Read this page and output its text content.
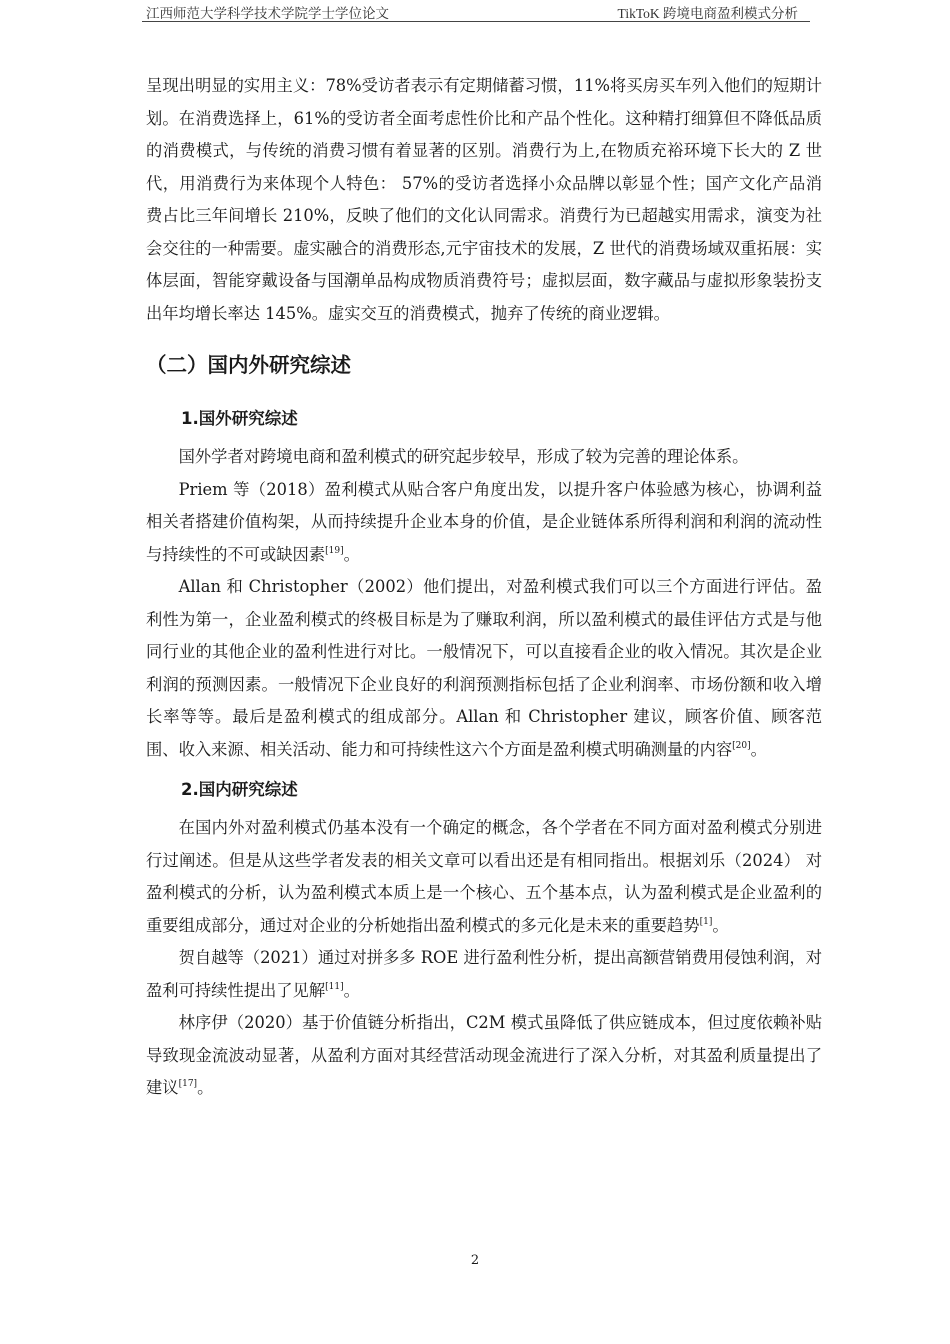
江西师范大学科学技术学院学士学位论文	TikToK 跨境电商盈利模式分析

呈现出明显的实用主义：78%受访者表示有定期储蓄习惯，11%将买房买车列入他们的短期计划。在消费选择上，61%的受访者全面考虑性价比和产品个性化。这种精打细算但不降低品质的消费模式，与传统的消费习惯有着显著的区别。消费行为上,在物质充裕环境下长大的 Z 世代，用消费行为来体现个人特色： 57%的受访者选择小众品牌以彰显个性；国产文化产品消费占比三年间增长 210%，反映了他们的文化认同需求。消费行为已超越实用需求，演变为社会交往的一种需要。虚实融合的消费形态,元宇宙技术的发展，Z 世代的消费场域双重拓展：实体层面，智能穿戴设备与国潮单品构成物质消费符号；虚拟层面，数字藏品与虚拟形象装扮支出年均增长率达 145%。虚实交互的消费模式，抛弃了传统的商业逻辑。

（二）国内外研究综述
1.国外研究综述

国外学者对跨境电商和盈利模式的研究起步较早，形成了较为完善的理论体系。

Priem 等（2018）盈利模式从贴合客户角度出发，以提升客户体验感为核心，协调利益相关者搭建价值构架，从而持续提升企业本身的价值，是企业链体系所得利润和利润的流动性与持续性的不可或缺因素[19]。

Allan 和 Christopher（2002）他们提出，对盈利模式我们可以三个方面进行评估。盈利性为第一，企业盈利模式的终极目标是为了赚取利润，所以盈利模式的最佳评估方式是与他同行业的其他企业的盈利性进行对比。一般情况下，可以直接看企业的收入情况。其次是企业利润的预测因素。一般情况下企业良好的利润预测指标包括了企业利润率、市场份额和收入增长率等等。最后是盈利模式的组成部分。Allan 和 Christopher 建议，顾客价值、顾客范围、收入来源、相关活动、能力和可持续性这六个方面是盈利模式明确测量的内容[20]。

2.国内研究综述

在国内外对盈利模式仍基本没有一个确定的概念，各个学者在不同方面对盈利模式分别进行过阐述。但是从这些学者发表的相关文章可以看出还是有相同指出。根据刘乐（2024） 对盈利模式的分析，认为盈利模式本质上是一个核心、五个基本点，认为盈利模式是企业盈利的重要组成部分，通过对企业的分析她指出盈利模式的多元化是未来的重要趋势[1]。

贺自越等（2021）通过对拼多多 ROE 进行盈利性分析，提出高额营销费用侵蚀利润，对盈利可持续性提出了见解[11]。

林序伊（2020）基于价值链分析指出，C2M 模式虽降低了供应链成本，但过度依赖补贴导致现金流波动显著，从盈利方面对其经营活动现金流进行了深入分析，对其盈利质量提出了建议[17]。

2
